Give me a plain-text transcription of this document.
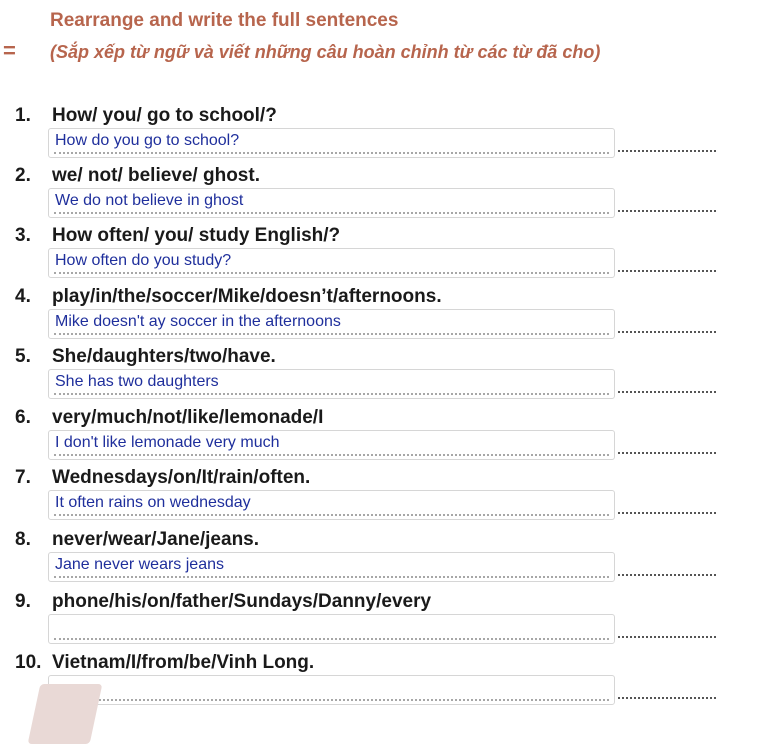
Rearrange and write the full sentences
= (Sắp xếp từ ngữ và viết những câu hoàn chỉnh từ các từ đã cho)
1. How/ you/ go to school/?
How do you go to school?
2. we/ not/ believe/ ghost.
We do not believe in ghost
3. How often/ you/ study English/?
How often do you study?
4. play/in/the/soccer/Mike/doesn’t/afternoons.
Mike doesn't ay soccer in the afternoons
5. She/daughters/two/have.
She has two daughters
6. very/much/not/like/lemonade/I
I don't like lemonade very much
7. Wednesdays/on/It/rain/often.
It often rains on wednesday
8. never/wear/Jane/jeans.
Jane never wears jeans
9. phone/his/on/father/Sundays/Danny/every
10. Vietnam/I/from/be/Vinh Long.
